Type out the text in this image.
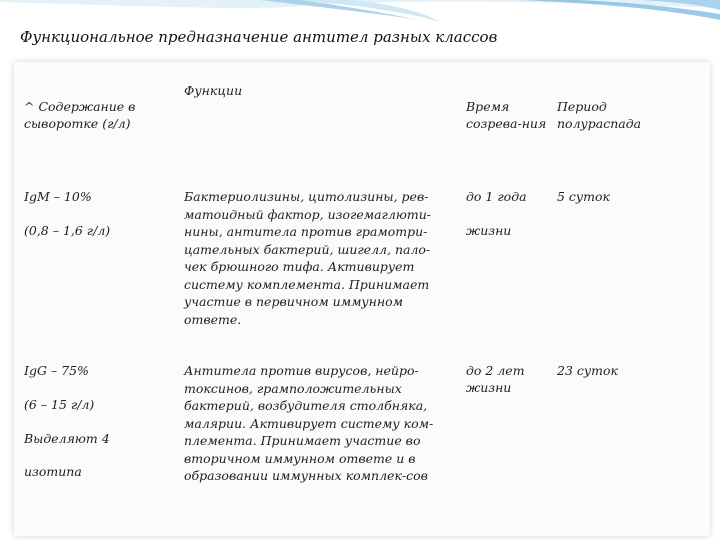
Функциональное предназначение антител разных классов
Функции
^ Содержание в
сыворотке (г/л)
Время
созрева-ния
Период
полураспада
IgM – 10%
(0,8 – 1,6 г/л)
Бактериолизины, цитолизины, рев-
матоидный фактор, изогемаглюти-
нины, антитела против грамотри-
цательных бактерий, шигелл, пало-
чек брюшного тифа. Активирует
систему комплемента. Принимает
участие в первичном иммунном
ответе.
до 1 года
жизни
5 суток
IgG – 75%
(6 – 15 г/л)
Выделяют 4
изотипа
Антитела против вирусов, нейро-
токсинов, грамположительных
бактерий, возбудителя столбняка,
малярии. Активирует систему ком-
племента. Принимает участие во
вторичном иммунном ответе и в
образовании иммунных комплек-сов
до 2 лет
жизни
23 суток
